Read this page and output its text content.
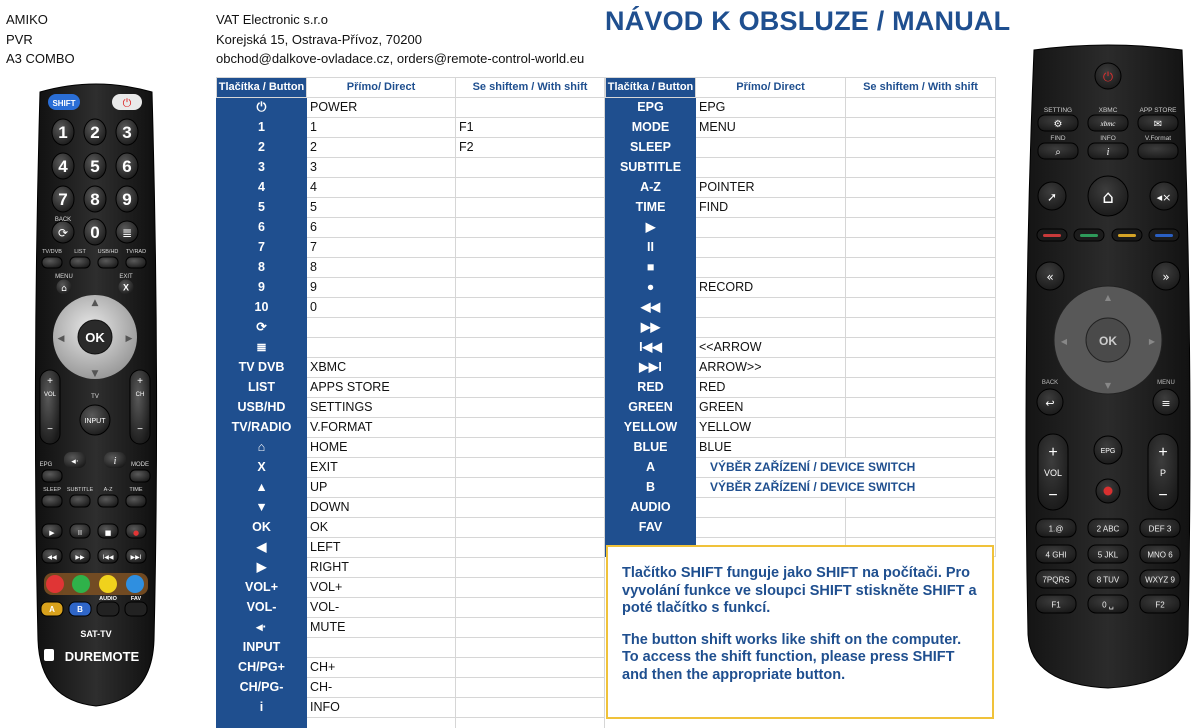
AMIKO
PVR
A3 COMBO
VAT Electronic s.r.o
Korejská 15, Ostrava-Přívoz, 70200
obchod@dalkove-ovladace.cz, orders@remote-control-world.eu
NÁVOD K OBSLUZE / MANUAL
Tlačítka / Button	Přímo/ Direct	Se shiftem / With shift
⏻	POWER	
1	1	F1
2	2	F2
3	3	
4	4	
5	5	
6	6	
7	7	
8	8	
9	9	
10	0	
⟳		
≣		
TV DVB	XBMC	
LIST	APPS STORE	
USB/HD	SETTINGS	
TV/RADIO	V.FORMAT	
⌂	HOME	
X	EXIT	
▲	UP	
▼	DOWN	
OK	OK	
◀	LEFT	
▶	RIGHT	
VOL+	VOL+	
VOL-	VOL-	
◂·	MUTE	
INPUT		
CH/PG+	CH+	
CH/PG-	CH-	
i	INFO	

Tlačítka / Button	Přímo/ Direct	Se shiftem / With shift
EPG	EPG	
MODE	MENU	
SLEEP		
SUBTITLE		
A-Z	POINTER	
TIME	FIND	
▶		
II		
■		
●	RECORD	
◀◀		
▶▶		
I◀◀	<<ARROW	
▶▶I	ARROW>>	
RED	RED	
GREEN	GREEN	
YELLOW	YELLOW	
BLUE	BLUE	
A	VÝBĚR ZAŘÍZENÍ / DEVICE SWITCH	
B	VÝBĚR ZAŘÍZENÍ / DEVICE SWITCH	
AUDIO		
FAV		

Tlačítko SHIFT funguje jako SHIFT na počítači. Pro vyvolání funkce ve sloupci SHIFT stiskněte SHIFT a poté tlačítko s funkcí.

The button shift works like shift on the computer. To access the shift function, please press SHIFT and then the appropriate button.

SHIFT	⏻
1 2 3
4 5 6
7 8 9
⟳ 0 ≣
BACK
TV/DVB LIST USB/HD TV/RAD
MENU	EXIT
⌂	X
OK
▲
▼
◀	▶
+
VOL
−
+
CH
−
TV
INPUT
◂·	i
EPG	MODE
SLEEP SUBTITLE A-Z	TIME
▶
◀◀
II
▶▶
■
I◀◀
●
▶▶I
A	B
AUDIO	FAV
SAT-TV
DUREMOTE
⏻
SETTING
⚙
FIND
⌕
XBMC
xbmc
INFO
i
APP STORE
✉
V.Format
➚	⌂	◂×
«	»
OK
▲
▼
◀	▶
BACK	MENU
↩	≡
+
VOL
−
+
P
−
EPG
1.@	2 ABC	DEF 3
4 GHI	5 JKL	MNO 6
7PQRS	8 TUV	WXYZ 9
F1	0 ␣	F2
